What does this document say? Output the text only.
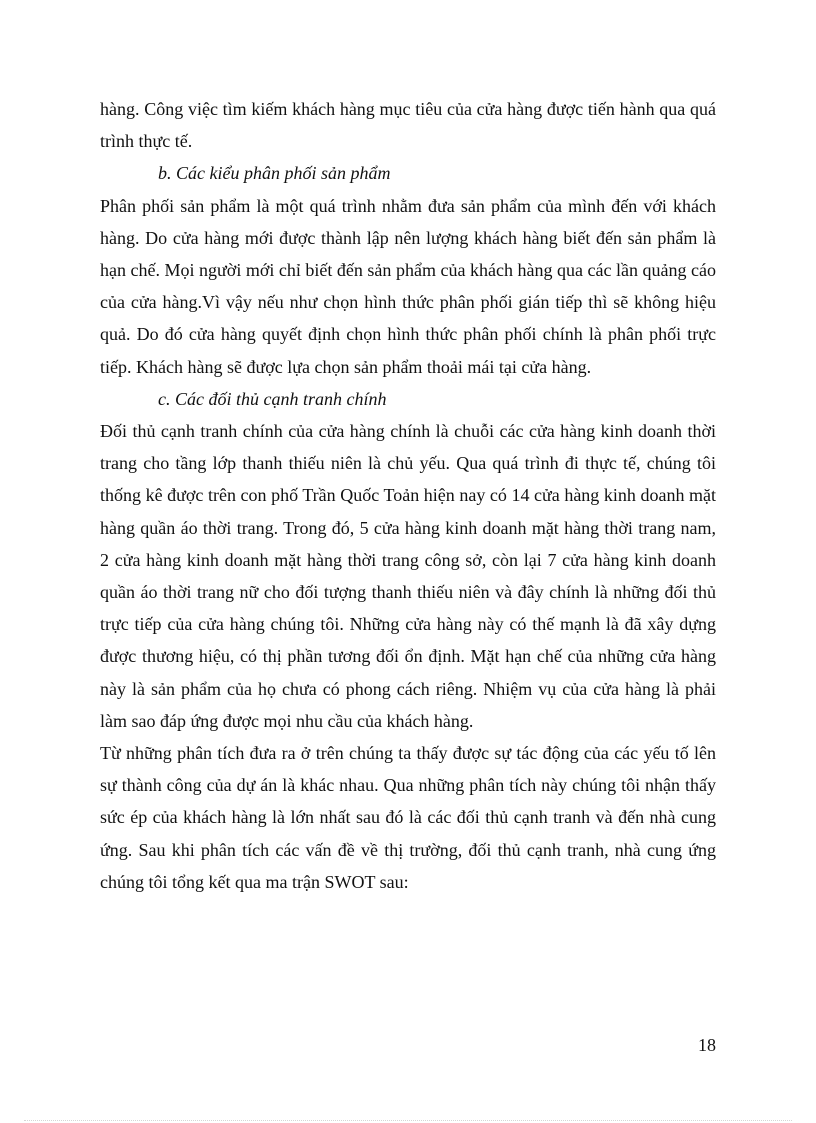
hàng. Công việc tìm kiếm khách hàng mục tiêu của cửa hàng được tiến hành qua quá trình thực tế.

b. Các kiểu phân phối sản phẩm

Phân phối sản phẩm là một quá trình nhằm đưa sản phẩm của mình đến với khách hàng. Do cửa hàng mới được thành lập nên lượng khách hàng biết đến sản phẩm là hạn chế. Mọi người mới chỉ biết đến sản phẩm của khách hàng qua các lần quảng cáo của cửa hàng.Vì vậy nếu như chọn hình thức phân phối gián tiếp thì sẽ không hiệu quả. Do đó cửa hàng quyết định chọn hình thức phân phối chính là phân phối trực tiếp. Khách hàng sẽ được lựa chọn sản phẩm thoải mái tại cửa hàng.

c. Các đối thủ cạnh tranh chính

Đối thủ cạnh tranh chính của cửa hàng chính là chuỗi các cửa hàng kinh doanh thời trang cho tầng lớp thanh thiếu niên là chủ yếu. Qua quá trình đi thực tế, chúng tôi thống kê được trên con phố Trần Quốc Toản hiện nay có 14 cửa hàng kinh doanh mặt hàng quần áo thời trang. Trong đó, 5 cửa hàng kinh doanh mặt hàng thời trang nam, 2 cửa hàng kinh doanh mặt hàng thời trang công sở, còn lại 7 cửa hàng kinh doanh quần áo thời trang nữ cho đối tượng thanh thiếu niên và đây chính là những đối thủ trực tiếp của cửa hàng chúng tôi. Những cửa hàng này có thế mạnh là đã xây dựng được thương hiệu, có thị phần tương đối ổn định. Mặt hạn chế của những cửa hàng này là sản phẩm của họ chưa có phong cách riêng. Nhiệm vụ của cửa hàng là phải làm sao đáp ứng được mọi nhu cầu của khách hàng.

Từ những phân tích đưa ra ở trên chúng ta thấy được sự tác động của các yếu tố lên sự thành công của dự án là khác nhau. Qua những phân tích này chúng tôi nhận thấy sức ép của khách hàng là lớn nhất sau đó là các đối thủ cạnh tranh và đến nhà cung ứng. Sau khi phân tích các vấn đề về thị trường, đối thủ cạnh tranh, nhà cung ứng chúng tôi tổng kết qua ma trận SWOT sau:

18
